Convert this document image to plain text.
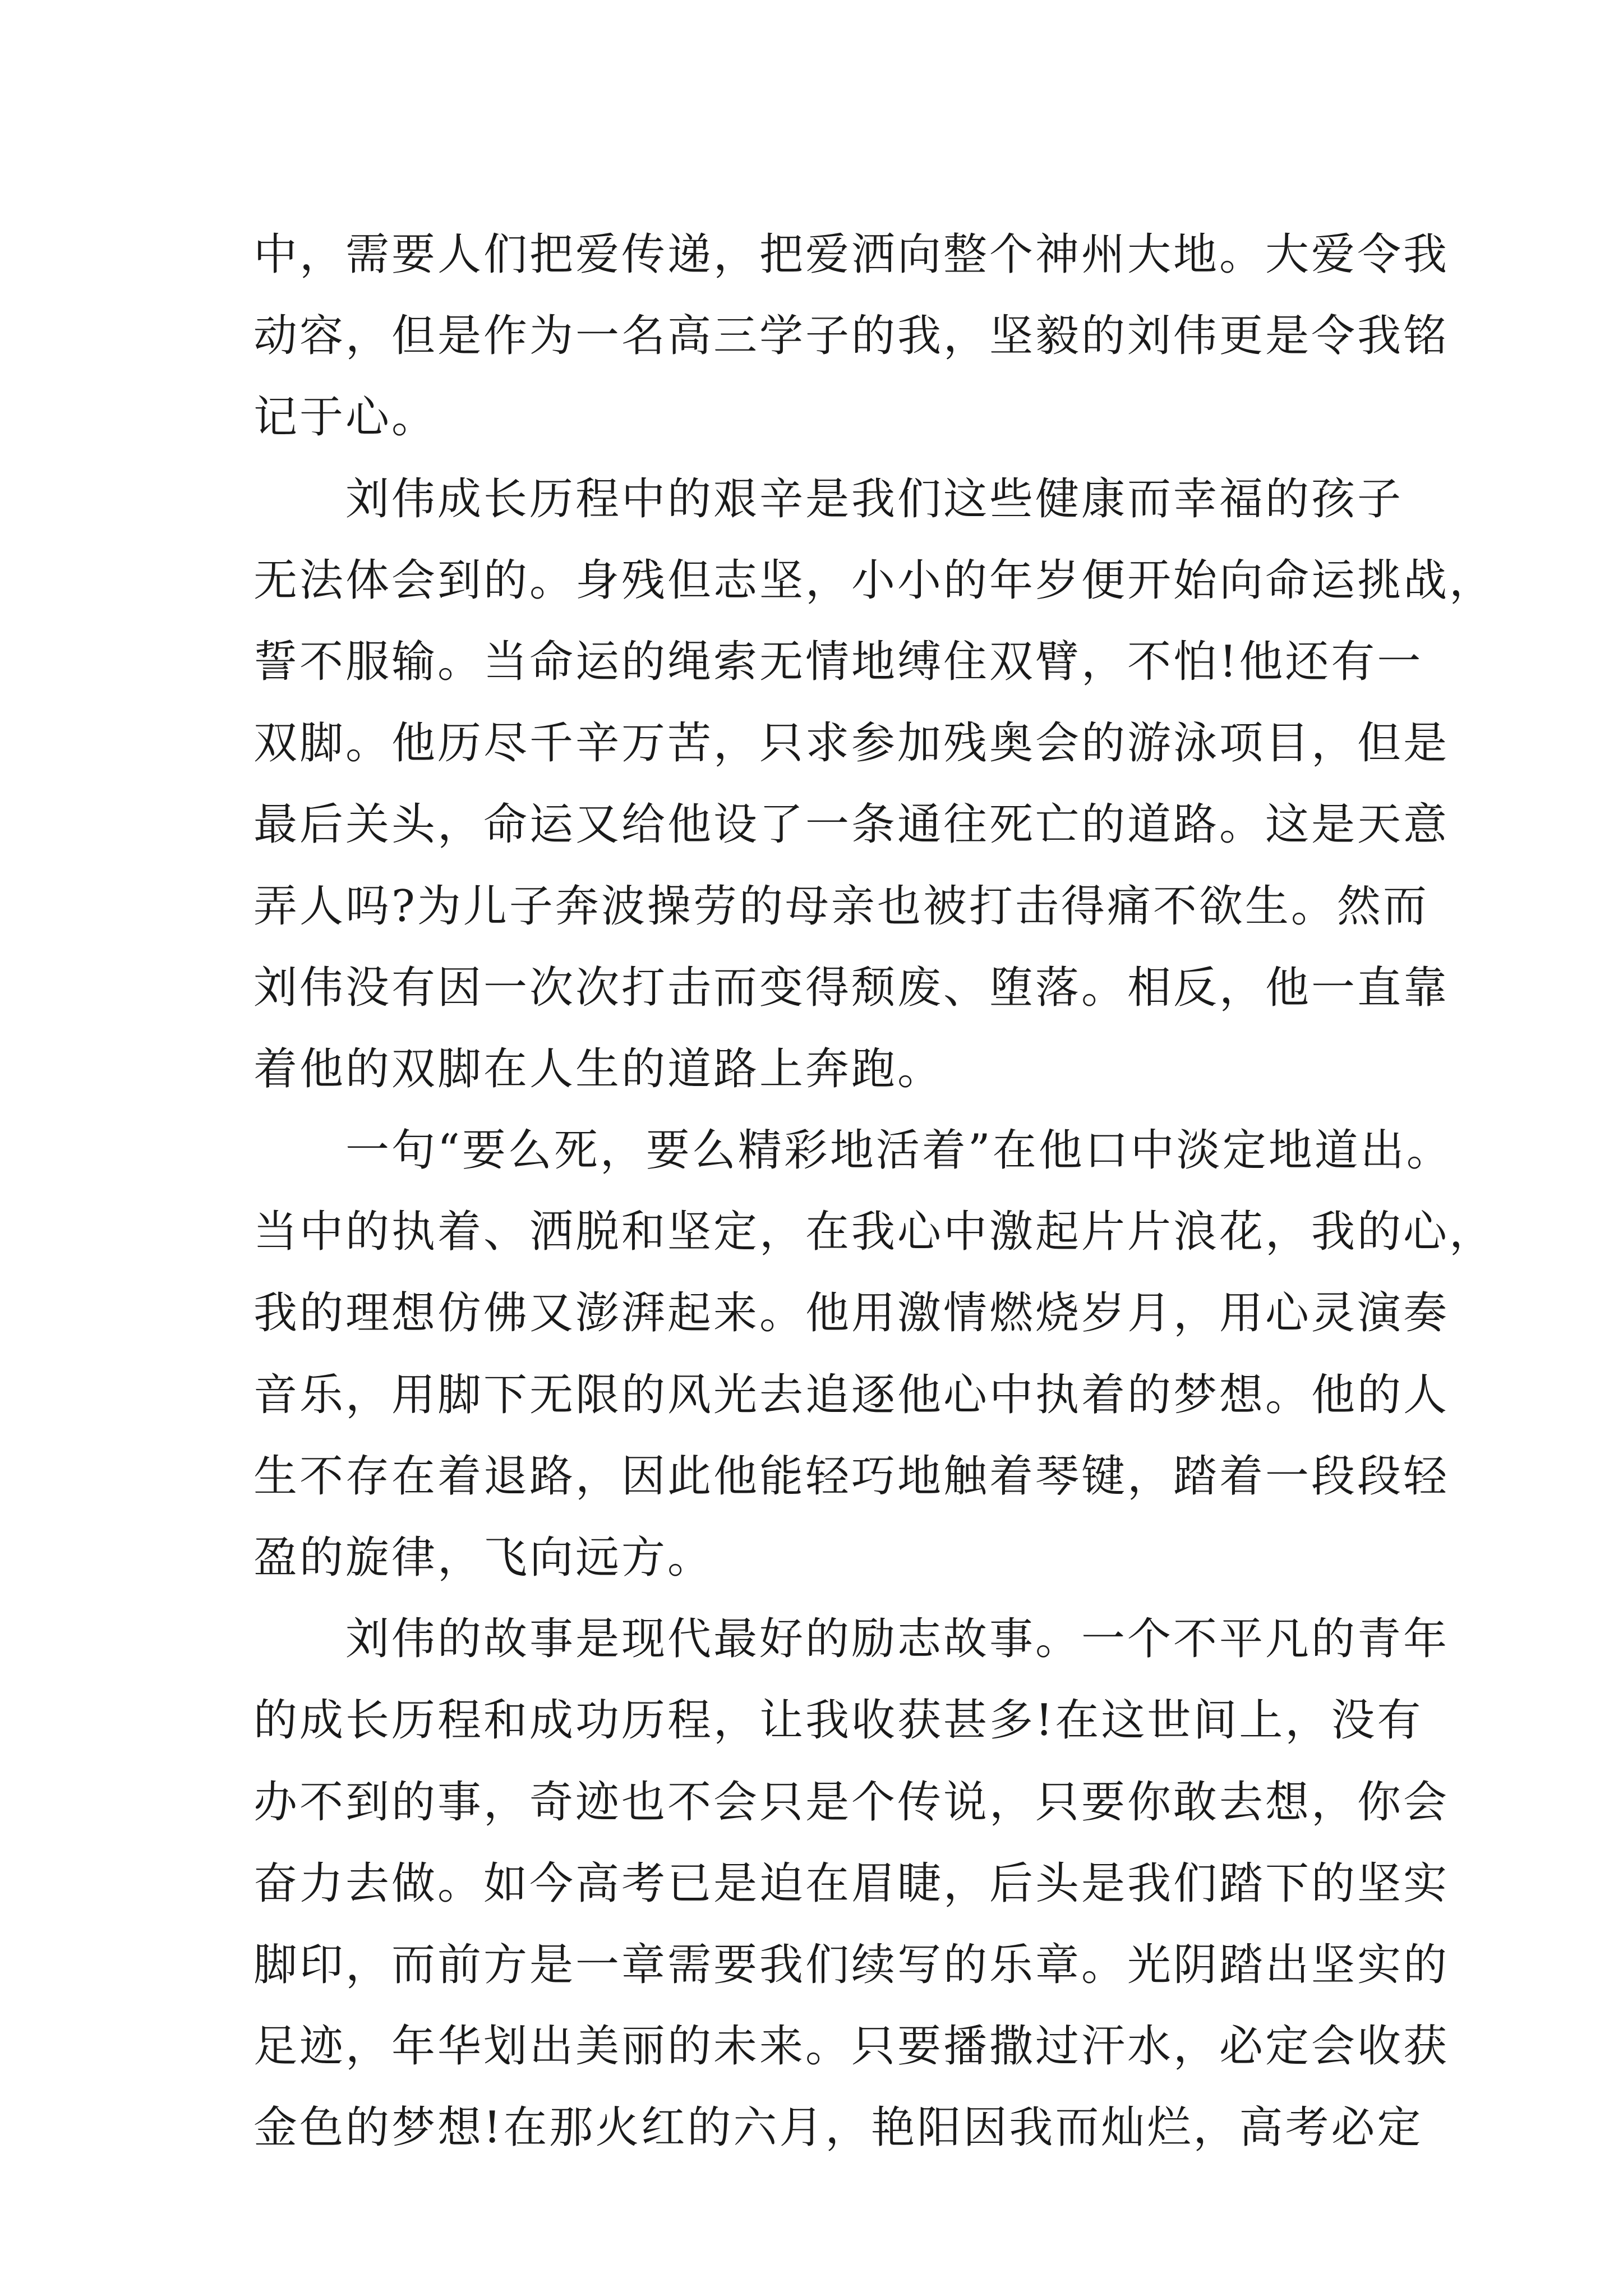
中，需要人们把爱传递，把爱洒向整个神州大地。大爱令我
动容，但是作为一名高三学子的我，坚毅的刘伟更是令我铭
记于心。
刘伟成长历程中的艰辛是我们这些健康而幸福的孩子
无法体会到的。身残但志坚，小小的年岁便开始向命运挑战，
誓不服输。当命运的绳索无情地缚住双臂，不怕!他还有一
双脚。他历尽千辛万苦，只求参加残奥会的游泳项目，但是
最后关头，命运又给他设了一条通往死亡的道路。这是天意
弄人吗?为儿子奔波操劳的母亲也被打击得痛不欲生。然而
刘伟没有因一次次打击而变得颓废、堕落。相反，他一直靠
着他的双脚在人生的道路上奔跑。
一句“要么死，要么精彩地活着”在他口中淡定地道出。
当中的执着、洒脱和坚定，在我心中激起片片浪花，我的心，
我的理想仿佛又澎湃起来。他用激情燃烧岁月，用心灵演奏
音乐，用脚下无限的风光去追逐他心中执着的梦想。他的人
生不存在着退路，因此他能轻巧地触着琴键，踏着一段段轻
盈的旋律，飞向远方。
刘伟的故事是现代最好的励志故事。一个不平凡的青年
的成长历程和成功历程，让我收获甚多!在这世间上，没有
办不到的事，奇迹也不会只是个传说，只要你敢去想，你会
奋力去做。如今高考已是迫在眉睫，后头是我们踏下的坚实
脚印，而前方是一章需要我们续写的乐章。光阴踏出坚实的
足迹，年华划出美丽的未来。只要播撒过汗水，必定会收获
金色的梦想!在那火红的六月，艳阳因我而灿烂，高考必定
